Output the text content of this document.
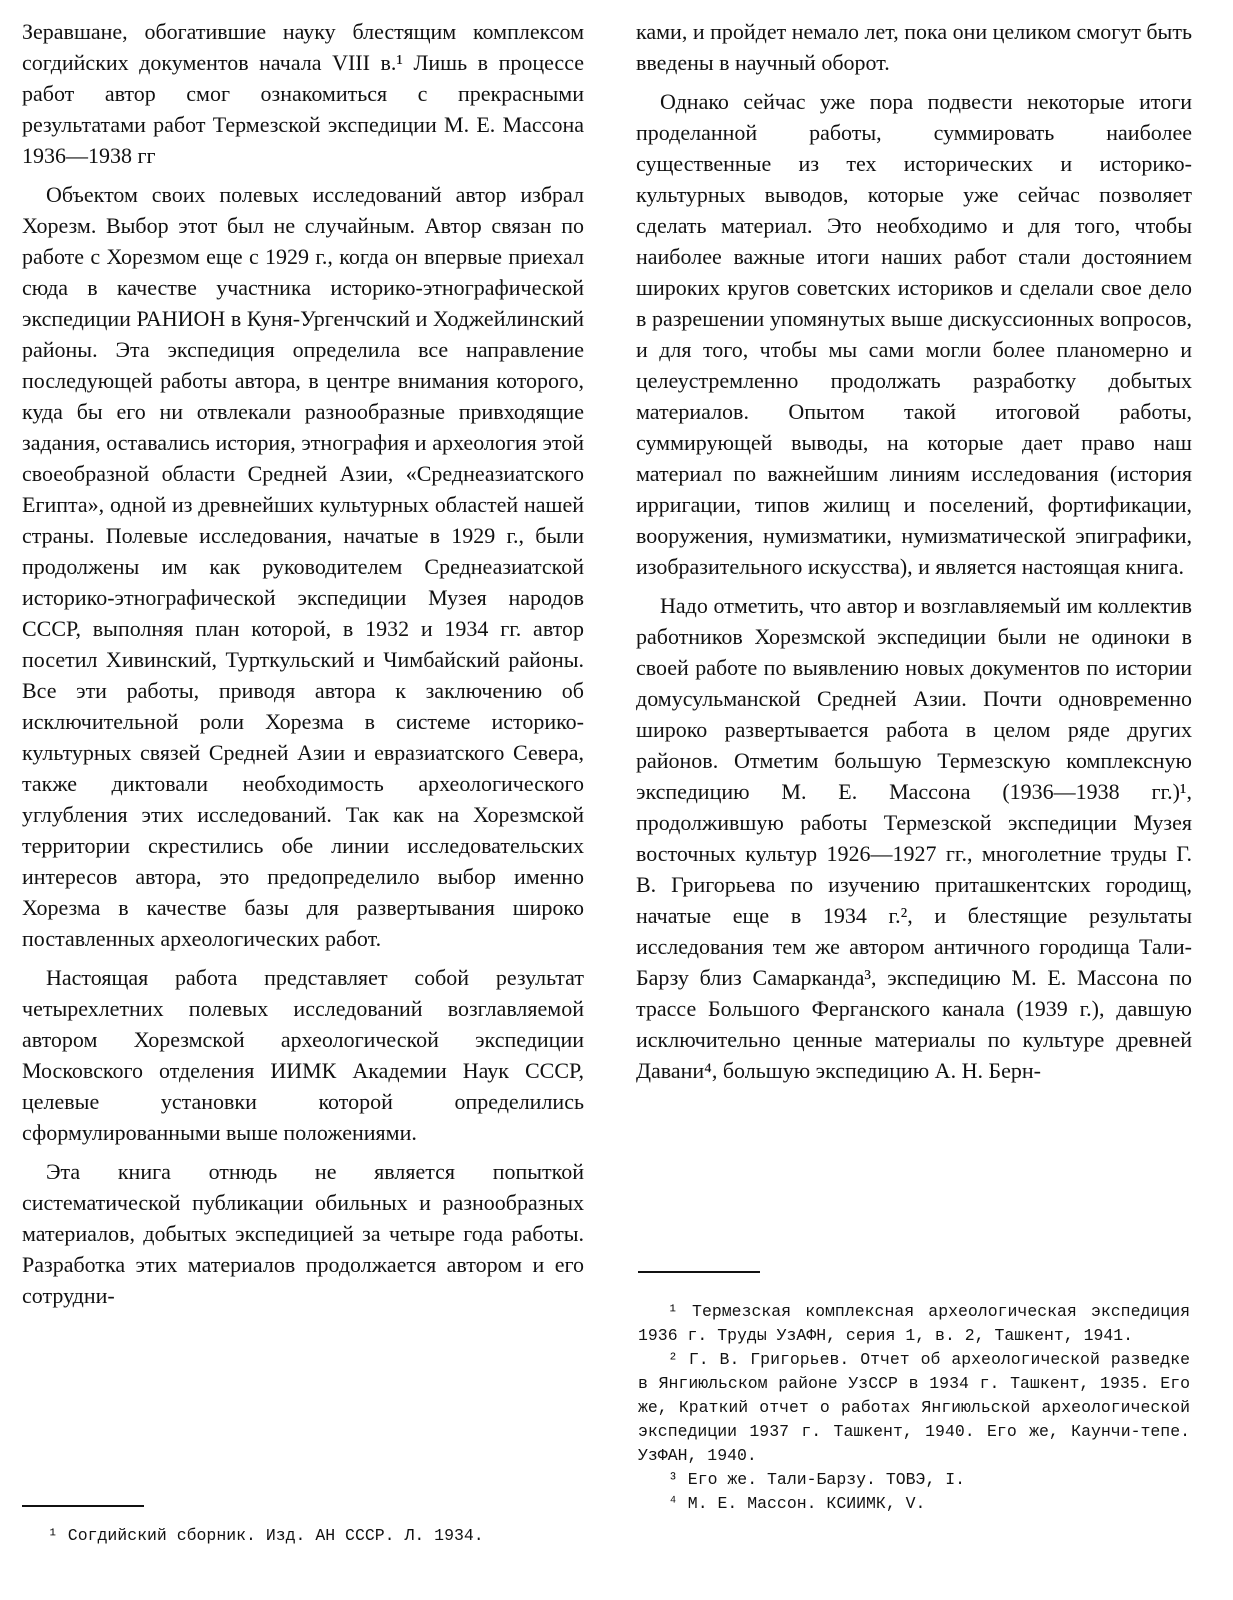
Зеравшане, обогатившие науку блестящим комплексом согдийских документов начала VIII в.¹ Лишь в процессе работ автор смог ознакомиться с прекрасными результатами работ Термезской экспедиции М. Е. Массона 1936—1938 гг

Объектом своих полевых исследований автор избрал Хорезм. Выбор этот был не случайным. Автор связан по работе с Хорезмом еще с 1929 г., когда он впервые приехал сюда в качестве участника историко-этнографической экспедиции РАНИОН в Куня-Ургенчский и Ходжейлинский районы. Эта экспедиция определила все направление последующей работы автора, в центре внимания которого, куда бы его ни отвлекали разнообразные привходящие задания, оставались история, этнография и археология этой своеобразной области Средней Азии, «Среднеазиатского Египта», одной из древнейших культурных областей нашей страны. Полевые исследования, начатые в 1929 г., были продолжены им как руководителем Среднеазиатской историко-этнографической экспедиции Музея народов СССР, выполняя план которой, в 1932 и 1934 гг. автор посетил Хивинский, Турткульский и Чимбайский районы. Все эти работы, приводя автора к заключению об исключительной роли Хорезма в системе историко-культурных связей Средней Азии и евразиатского Севера, также диктовали необходимость археологического углубления этих исследований. Так как на Хорезмской территории скрестились обе линии исследовательских интересов автора, это предопределило выбор именно Хорезма в качестве базы для развертывания широко поставленных археологических работ.

Настоящая работа представляет собой результат четырехлетних полевых исследований возглавляемой автором Хорезмской археологической экспедиции Московского отделения ИИМК Академии Наук СССР, целевые установки которой определились сформулированными выше положениями.

Эта книга отнюдь не является попыткой систематической публикации обильных и разнообразных материалов, добытых экспедицией за четыре года работы. Разработка этих материалов продолжается автором и его сотрудни-

¹ Согдийский сборник. Изд. АН СССР. Л. 1934.

ками, и пройдет немало лет, пока они целиком смогут быть введены в научный оборот.

Однако сейчас уже пора подвести некоторые итоги проделанной работы, суммировать наиболее существенные из тех исторических и историко-культурных выводов, которые уже сейчас позволяет сделать материал. Это необходимо и для того, чтобы наиболее важные итоги наших работ стали достоянием широких кругов советских историков и сделали свое дело в разрешении упомянутых выше дискуссионных вопросов, и для того, чтобы мы сами могли более планомерно и целеустремленно продолжать разработку добытых материалов. Опытом такой итоговой работы, суммирующей выводы, на которые дает право наш материал по важнейшим линиям исследования (история ирригации, типов жилищ и поселений, фортификации, вооружения, нумизматики, нумизматической эпиграфики, изобразительного искусства), и является настоящая книга.

Надо отметить, что автор и возглавляемый им коллектив работников Хорезмской экспедиции были не одиноки в своей работе по выявлению новых документов по истории домусульманской Средней Азии. Почти одновременно широко развертывается работа в целом ряде других районов. Отметим большую Термезскую комплексную экспедицию М. Е. Массона (1936—1938 гг.)¹, продолжившую работы Термезской экспедиции Музея восточных культур 1926—1927 гг., многолетние труды Г. В. Григорьева по изучению приташкентских городищ, начатые еще в 1934 г.², и блестящие результаты исследования тем же автором античного городища Тали-Барзу близ Самарканда³, экспедицию М. Е. Массона по трассе Большого Ферганского канала (1939 г.), давшую исключительно ценные материалы по культуре древней Давани⁴, большую экспедицию А. Н. Берн-

¹ Термезская комплексная археологическая экспедиция 1936 г. Труды УзАФН, серия 1, в. 2, Ташкент, 1941.

² Г. В. Григорьев. Отчет об археологической разведке в Янгиюльском районе УзССР в 1934 г. Ташкент, 1935. Его же, Краткий отчет о работах Янгиюльской археологической экспедиции 1937 г. Ташкент, 1940. Его же, Каунчи-тепе. УзФАН, 1940.

³ Его же. Тали-Барзу. ТОВЭ, I.

⁴ М. Е. Массон. КСИИМК, V.
